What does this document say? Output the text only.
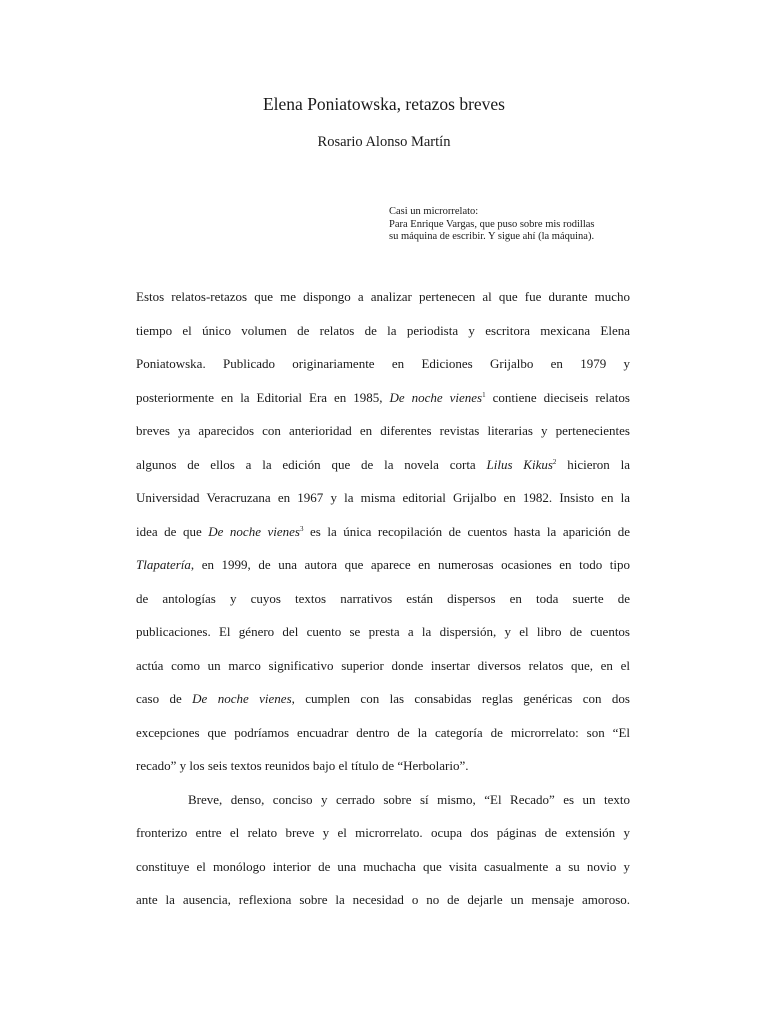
Elena Poniatowska, retazos breves
Rosario Alonso Martín
Casi un microrrelato:
Para Enrique Vargas, que puso sobre mis rodillas
su máquina de escribir. Y sigue ahí (la máquina).

Estos relatos-retazos que me dispongo a analizar pertenecen al que fue durante mucho
tiempo el único volumen de relatos de la periodista y escritora mexicana Elena
Poniatowska. Publicado originariamente en Ediciones Grijalbo en 1979 y
posteriormente en la Editorial Era en 1985, De noche vienes$^1$ contiene dieciseis relatos
breves ya aparecidos con anterioridad en diferentes revistas literarias y pertenecientes
algunos de ellos a la edición que de la novela corta Lilus Kikus$^2$ hicieron la
Universidad Veracruzana en 1967 y la misma editorial Grijalbo en 1982. Insisto en la
idea de que De noche vienes$^3$ es la única recopilación de cuentos hasta la aparición de
Tlapatería, en 1999, de una autora que aparece en numerosas ocasiones en todo tipo
de antologías y cuyos textos narrativos están dispersos en toda suerte de
publicaciones. El género del cuento se presta a la dispersión, y el libro de cuentos
actúa como un marco significativo superior donde insertar diversos relatos que, en el
caso de De noche vienes, cumplen con las consabidas reglas genéricas con dos
excepciones que podríamos encuadrar dentro de la categoría de microrrelato: son “El
recado” y los seis textos reunidos bajo el título de “Herbolario”.

Breve, denso, conciso y cerrado sobre sí mismo, “El Recado” es un texto
fronterizo entre el relato breve y el microrrelato. ocupa dos páginas de extensión y
constituye el monólogo interior de una muchacha que visita casualmente a su novio y
ante la ausencia, reflexiona sobre la necesidad o no de dejarle un mensaje amoroso.
